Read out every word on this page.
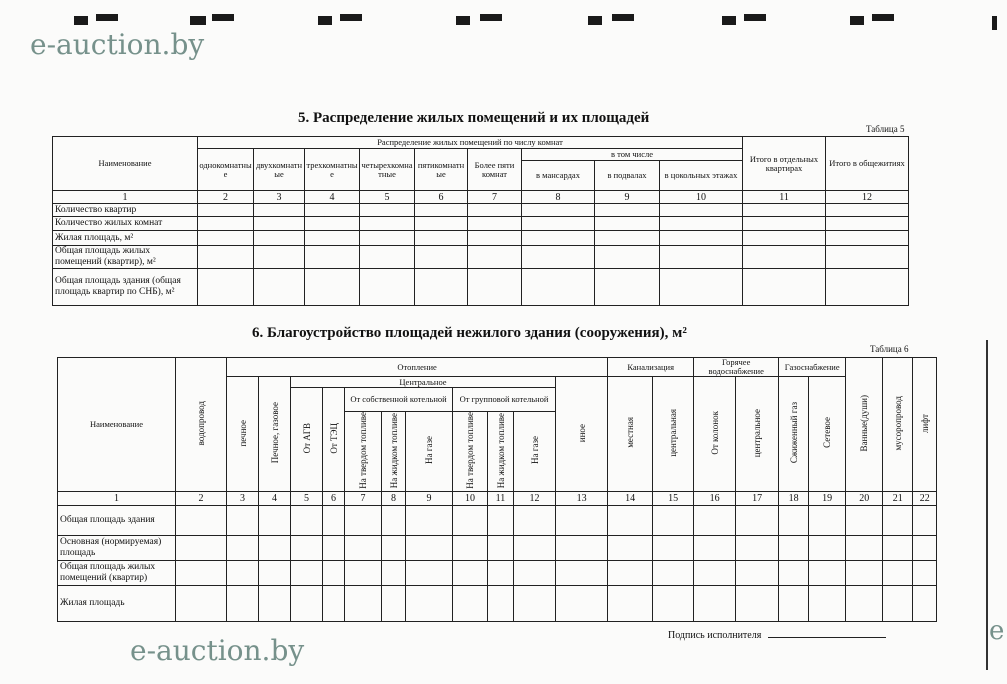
e-auction.by
e-auction.by
e
5. Распределение жилых помещений и их площадей
Таблица 5
Наименование	Распределение жилых помещений по числу комнат									Итого в отдельных квартирах	Итого в общежитиях
	однокомнатные	двухкомнатные	трехкомнатные	четырехкомнатные	пятикомнатные	Более пяти комнат	в том числе				
							в мансардах	в подвалах	в цокольных этажах		
1	2	3	4	5	6	7	8	9	10	11	12
Количество квартир											
Количество жилых комнат											
Жилая площадь, м²											
Общая площадь жилых помещений (квартир), м²											
Общая площадь здания (общая площадь квартир по СНБ), м²											
6. Благоустройство площадей нежилого здания (сооружения), м²
Таблица 6
Наименование	водопровод	Отопление											Канализация		Горячее водоснабжение		Газоснабжение		Ванные(души)	мусоропровод	лифт
		печное	Печное, газовое	Центральное								иное	местная	центральная	От колонок	центральное	Сжиженный газ	Сетевое			
				От АГВ	От ТЭЦ	От собственной котельной			От групповой котельной												
						На твердом топливе	На жидком топливе	На газе	На твердом топливе	На жидком топливе	На газе										
1	2	3	4	5	6	7	8	9	10	11	12	13	14	15	16	17	18	19	20	21	22
Общая площадь здания																					
Основная (нормируемая) площадь																					
Общая площадь жилых помещений (квартир)																					
Жилая площадь																					
Подпись исполнителя
